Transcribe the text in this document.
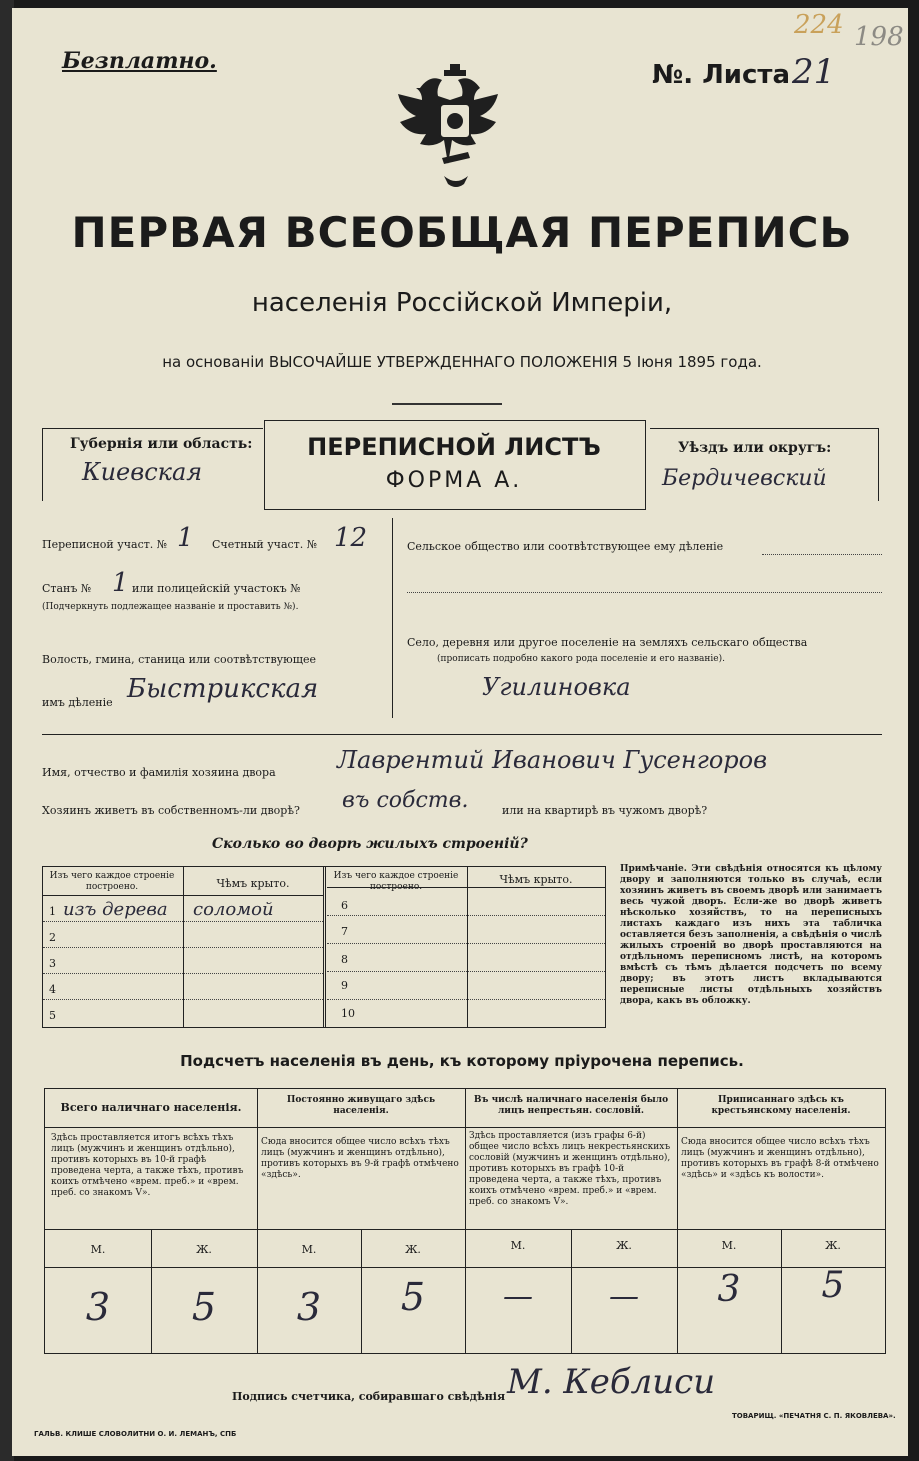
Безплатно.	№. Листа 21
224 198
ПЕРВАЯ ВСЕОБЩАЯ ПЕРЕПИСЬ
населенія Россійской Имперіи,
на основаніи ВЫСОЧАЙШЕ УТВЕРЖДЕННАГО ПОЛОЖЕНІЯ 5 Іюня 1895 года.
Губернія или область:
Киевская
ПЕРЕПИСНОЙ ЛИСТЪ
ФОРМА А.
Уѣздъ или округъ:
Бердичевский
Переписной участ. № 1 Счетный участ. № 12
Станъ № 1 или полицейскій участокъ №
(Подчеркнуть подлежащее названіе и проставить №).
Волость, гмина, станица или соотвѣтствующее
имъ дѣленіе Быстрикская
Сельское общество или соотвѣтствующее ему дѣленіе
Село, деревня или другое поселеніе на земляхъ сельскаго общества
(прописать подробно какого рода поселеніе и его названіе).
Угилиновка
Имя, отчество и фамилія хозяина двора	Лаврентий Иванович Гусенгоров
Хозяинъ живетъ въ собственномъ-ли дворѣ? въ собств.	или на квартирѣ въ чужомъ дворѣ?
Сколько во дворѣ жилыхъ строеній?
Изъ чего каждое строеніе построено.	Чѣмъ крыто.
1 изъ дерева соломой
2
3
4
5
Изъ чего каждое строеніе построено.
Чѣмъ крыто.
6
7
8
9
10
Примѣчаніе. Эти свѣдѣнія относятся къ цѣлому двору и заполняются только въ случаѣ, если хозяинъ живетъ въ своемъ дворѣ или занимаетъ весь чужой дворъ. Если-же во дворѣ живетъ нѣсколько хозяйствъ, то на переписныхъ листахъ каждаго изъ нихъ эта табличка оставляется безъ заполненія, а свѣдѣнія о числѣ жилыхъ строеній во дворѣ проставляются на отдѣльномъ переписномъ листѣ, на которомъ вмѣстѣ съ тѣмъ дѣлается подсчетъ по всему двору; въ этотъ листъ вкладываются переписные листы отдѣльныхъ хозяйствъ двора, какъ въ обложку.
Подсчетъ населенія въ день, къ которому пріурочена перепись.
Всего наличнаго населенія.
Постоянно живущаго здѣсь населенія.
Въ числѣ наличнаго населенія было лицъ непрестьян. сословій.
Приписаннаго здѣсь къ крестьянскому населенія.
Здѣсь проставляется итогъ всѣхъ тѣхъ лицъ (мужчинъ и женщинъ отдѣльно), противъ которыхъ въ 10-й графѣ проведена черта, а также тѣхъ, противъ коихъ отмѣчено «врем. преб.» и «врем. преб. со знакомъ V».
Сюда вносится общее число всѣхъ тѣхъ лицъ (мужчинъ и женщинъ отдѣльно), противъ которыхъ въ 9-й графѣ отмѣчено «здѣсь».
Здѣсь проставляется (изъ графы 6-й) общее число всѣхъ лицъ некрестьянскихъ сословій (мужчинъ и женщинъ отдѣльно), противъ которыхъ въ графѣ 10-й проведена черта, а также тѣхъ, противъ коихъ отмѣчено «врем. преб.» и «врем. преб. со знакомъ V».
Сюда вносится общее число всѣхъ тѣхъ лицъ (мужчинъ и женщинъ отдѣльно), противъ которыхъ въ графѣ 8-й отмѣчено «здѣсь» и «здѣсь къ волости».
М.	Ж.	М.	Ж.	М.	Ж.	М.	Ж.
3	5	3	5	—	—	3	5
Подпись счетчика, собиравшаго свѣдѣнія М. Кеблиси
ГАЛЬВ. КЛИШЕ СЛОВОЛИТНИ О. И. ЛЕМАНЪ, СПБ
ТОВАРИЩ. «ПЕЧАТНЯ С. П. ЯКОВЛЕВА».
